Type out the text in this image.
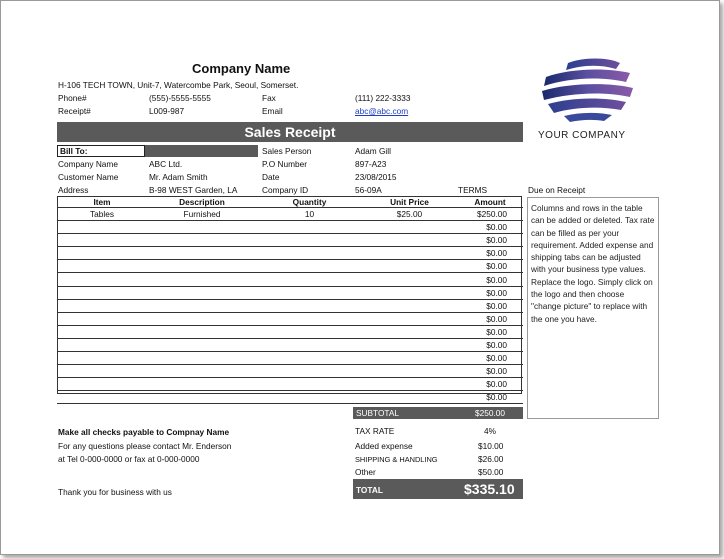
Company Name
H-106 TECH TOWN, Unit-7, Watercombe Park, Seoul, Somerset.
Phone#	(555)-5555-5555	Fax	(111) 222-3333
Receipt#	L009-987	Email	abc@abc.com
YOUR COMPANY
Sales Receipt
Bill To:
Company Name	ABC Ltd.
Customer Name	Mr. Adam Smith
Address	B-98 WEST Garden, LA
Sales Person	Adam Gill
P.O Number	897-A23
Date	23/08/2015
Company ID	56-09A	TERMS	Due on Receipt
Item	Description	Quantity	Unit Price	Amount
Tables	Furnished	10	$25.00	$250.00
				$0.00
				$0.00
				$0.00
				$0.00
				$0.00
				$0.00
				$0.00
				$0.00
				$0.00
				$0.00
				$0.00
				$0.00
				$0.00
				$0.00
Columns and rows in the table can be added or deleted. Tax rate can be filled as per your requirement. Added expense and shipping tabs can be adjusted with your business type values. Replace the logo. Simply click on the logo and then choose "change picture" to replace with the one you have.
SUBTOTAL	$250.00
TAX RATE	4%
Added expense	$10.00
SHIPPING & HANDLING	$26.00
Other	$50.00
TOTAL	$335.10
Make all checks payable to Compnay Name
For any questions please contact Mr. Enderson
at Tel 0-000-0000 or fax at 0-000-0000
Thank you for business with us
